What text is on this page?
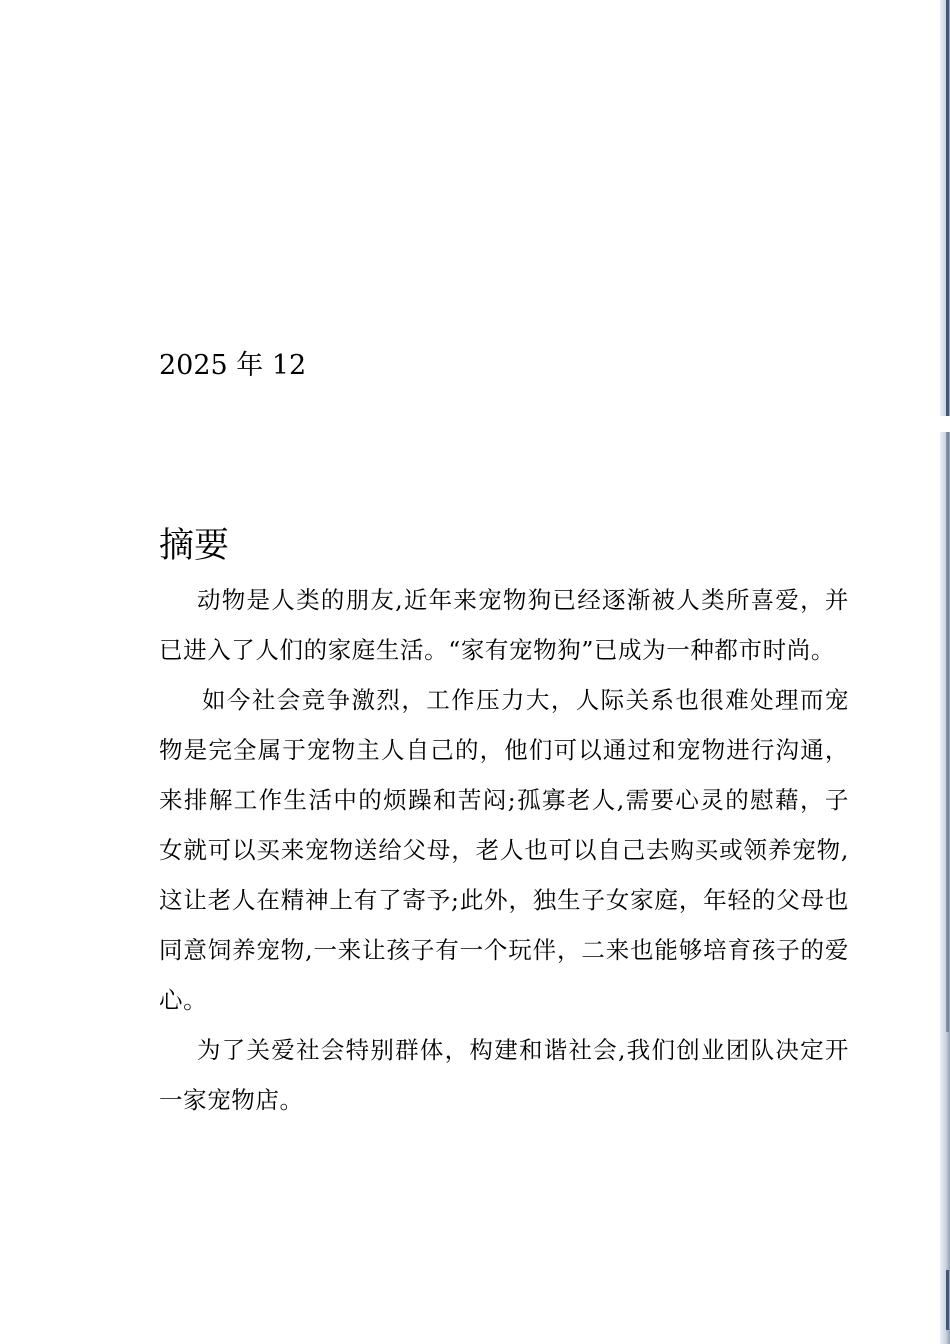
2025 年 12
摘要

动物是人类的朋友,近年来宠物狗已经逐渐被人类所喜爱，并已进入了人们的家庭生活。“家有宠物狗”已成为一种都市时尚。

如今社会竞争激烈，工作压力大，人际关系也很难处理而宠物是完全属于宠物主人自己的，他们可以通过和宠物进行沟通，来排解工作生活中的烦躁和苦闷;孤寡老人,需要心灵的慰藉，子女就可以买来宠物送给父母，老人也可以自己去购买或领养宠物,这让老人在精神上有了寄予;此外，独生子女家庭，年轻的父母也同意饲养宠物,一来让孩子有一个玩伴，二来也能够培育孩子的爱心。

为了关爱社会特别群体，构建和谐社会,我们创业团队决定开一家宠物店。
